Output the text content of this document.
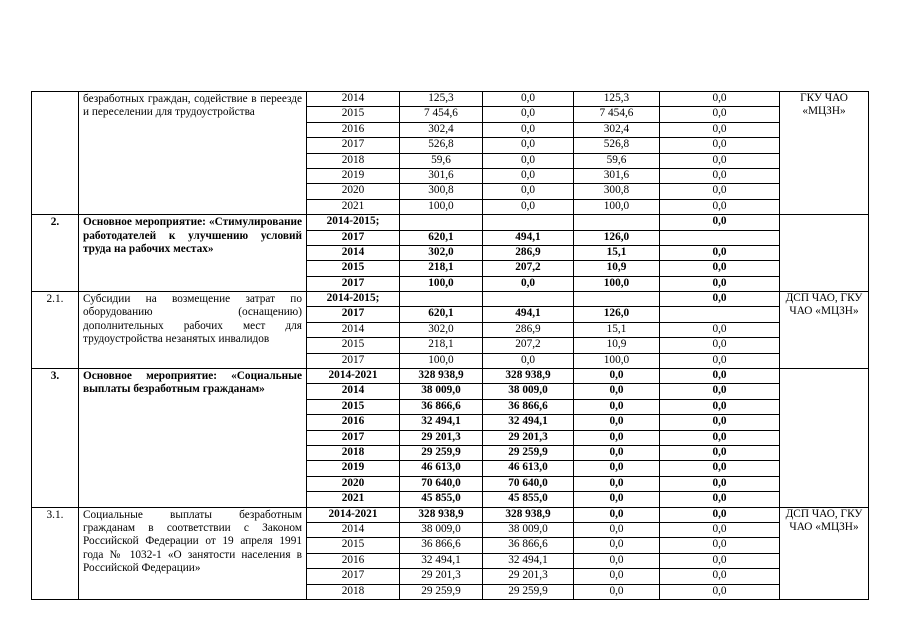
	безработных граждан, содействие в переезде и переселении для трудоустройства	2014	125,3	0,0	125,3	0,0	ГКУ ЧАО «МЦЗН»
		2015	7 454,6	0,0	7 454,6	0,0	
		2016	302,4	0,0	302,4	0,0	
		2017	526,8	0,0	526,8	0,0	
		2018	59,6	0,0	59,6	0,0	
		2019	301,6	0,0	301,6	0,0	
		2020	300,8	0,0	300,8	0,0	
		2021	100,0	0,0	100,0	0,0	
2.	Основное мероприятие: «Стимулирование работодателей к улучшению условий труда на рабочих местах»	2014-2015;				0,0	
		2017	620,1	494,1	126,0		
		2014	302,0	286,9	15,1	0,0	
		2015	218,1	207,2	10,9	0,0	
		2017	100,0	0,0	100,0	0,0	
2.1.	Субсидии на возмещение затрат по оборудованию (оснащению) дополнительных рабочих мест для трудоустройства незанятых инвалидов	2014-2015;				0,0	ДСП ЧАО, ГКУ ЧАО «МЦЗН»
		2017	620,1	494,1	126,0		
		2014	302,0	286,9	15,1	0,0	
		2015	218,1	207,2	10,9	0,0	
		2017	100,0	0,0	100,0	0,0	
3.	Основное мероприятие: «Социальные выплаты безработным гражданам»	2014-2021	328 938,9	328 938,9	0,0	0,0	
		2014	38 009,0	38 009,0	0,0	0,0	
		2015	36 866,6	36 866,6	0,0	0,0	
		2016	32 494,1	32 494,1	0,0	0,0	
		2017	29 201,3	29 201,3	0,0	0,0	
		2018	29 259,9	29 259,9	0,0	0,0	
		2019	46 613,0	46 613,0	0,0	0,0	
		2020	70 640,0	70 640,0	0,0	0,0	
		2021	45 855,0	45 855,0	0,0	0,0	
3.1.	Социальные выплаты безработным гражданам в соответствии с Законом Российской Федерации от 19 апреля 1991 года № 1032-1 «О занятости населения в Российской Федерации»	2014-2021	328 938,9	328 938,9	0,0	0,0	ДСП ЧАО, ГКУ ЧАО «МЦЗН»
		2014	38 009,0	38 009,0	0,0	0,0	
		2015	36 866,6	36 866,6	0,0	0,0	
		2016	32 494,1	32 494,1	0,0	0,0	
		2017	29 201,3	29 201,3	0,0	0,0	
		2018	29 259,9	29 259,9	0,0	0,0	
